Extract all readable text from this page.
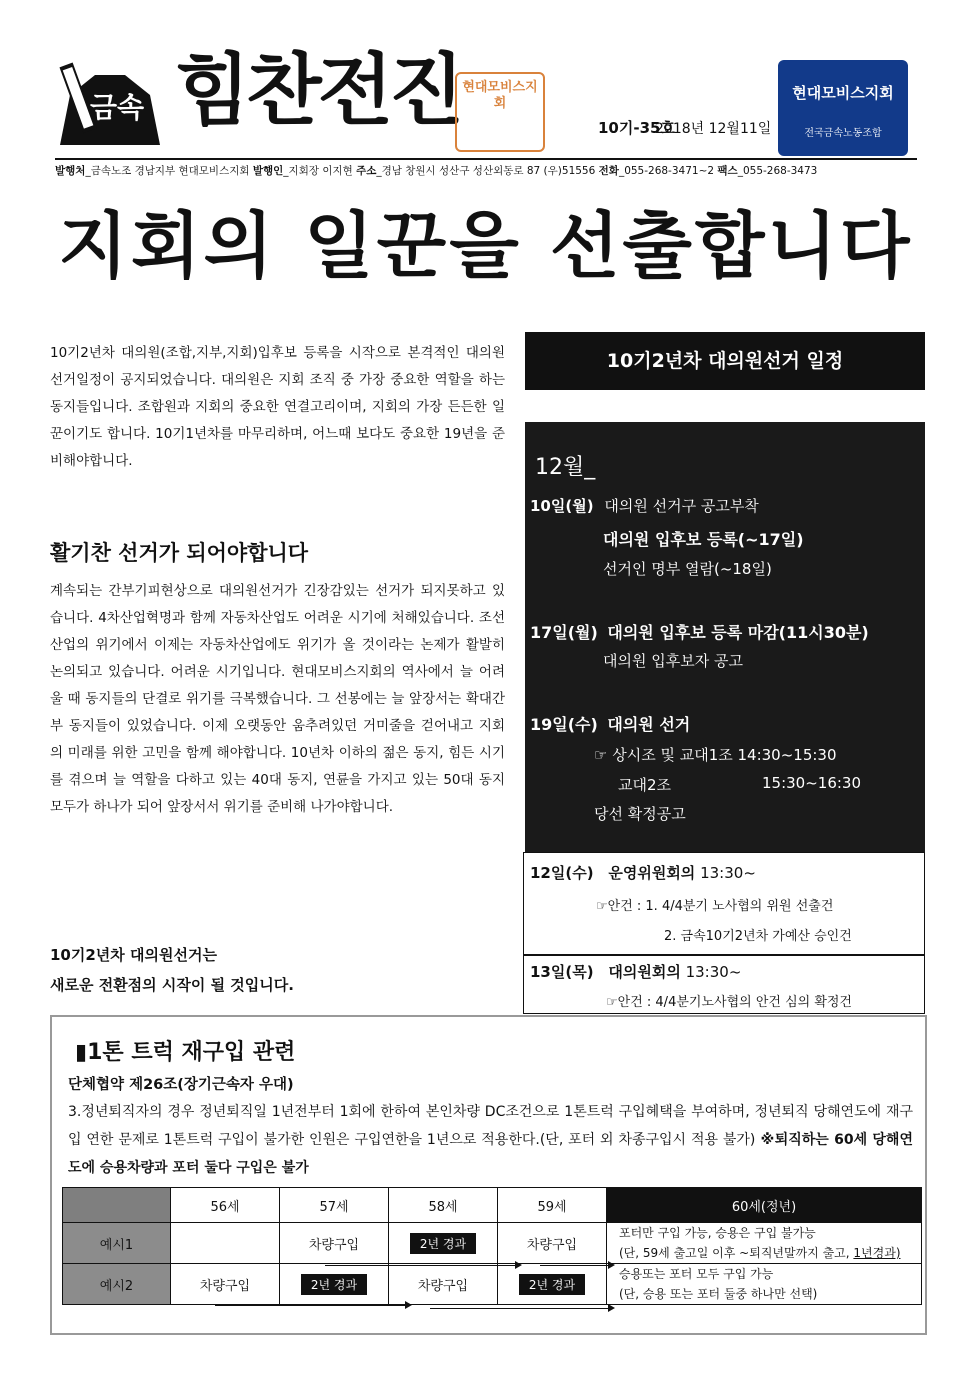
금속 힘찬전진 현대모비스지회
10기-35호
2018년 12월11일
현대모비스지회
전국금속노동조합
발행처_금속노조 경남지부 현대모비스지회 발행인_지회장 이지현 주소_경남 창원시 성산구 성산외동로 87 (우)51556 전화_055-268-3471~2 팩스_055-268-3473
지회의 일꾼을 선출합니다
10기2년차 대의원(조합,지부,지회)입후보 등록을 시작으로 본격적인 대의원선거일정이 공지되었습니다. 대의원은 지회 조직 중 가장 중요한 역할을 하는 동지들입니다. 조합원과 지회의 중요한 연결고리이며, 지회의 가장 든든한 일꾼이기도 합니다. 10기1년차를 마무리하며, 어느때 보다도 중요한 19년을 준비해야합니다.
활기찬 선거가 되어야합니다
계속되는 간부기피현상으로 대의원선거가 긴장감있는 선거가 되지못하고 있습니다. 4차산업혁명과 함께 자동차산업도 어려운 시기에 처해있습니다. 조선산업의 위기에서 이제는 자동차산업에도 위기가 올 것이라는 논제가 활발히 논의되고 있습니다. 어려운 시기입니다. 현대모비스지회의 역사에서 늘 어려울 때 동지들의 단결로 위기를 극복했습니다. 그 선봉에는 늘 앞장서는 확대간부 동지들이 있었습니다. 이제 오랫동안 움추려있던 거미줄을 걷어내고 지회의 미래를 위한 고민을 함께 해야합니다. 10년차 이하의 젊은 동지, 힘든 시기를 겪으며 늘 역할을 다하고 있는 40대 동지, 연륜을 가지고 있는 50대 동지 모두가 하나가 되어 앞장서서 위기를 준비해 나가야합니다.
10기2년차 대의원선거는
새로운 전환점의 시작이 될 것입니다.
10기2년차 대의원선거 일정
12월_
10일(월) 대의원 선거구 공고부착
대의원 입후보 등록(~17일)
선거인 명부 열람(~18일)
17일(월) 대의원 입후보 등록 마감(11시30분)
대의원 입후보자 공고
19일(수) 대의원 선거
☞ 상시조 및 교대1조 14:30~15:30
교대2조	15:30~16:30
당선 확정공고
12일(수) 운영위원회의 13:30~
☞안건 : 1. 4/4분기 노사협의 위원 선출건
2. 금속10기2년차 가예산 승인건
13일(목) 대의원회의 13:30~
☞안건 : 4/4분기노사협의 안건 심의 확정건
▮1톤 트럭 재구입 관련
단체협약 제26조(장기근속자 우대)
3.정년퇴직자의 경우 정년퇴직일 1년전부터 1회에 한하여 본인차량 DC조건으로 1톤트럭 구입혜택을 부여하며, 정년퇴직 당해연도에 재구입 연한 문제로 1톤트럭 구입이 불가한 인원은 구입연한을 1년으로 적용한다.(단, 포터 외 차종구입시 적용 불가) ※퇴직하는 60세 당해연도에 승용차량과 포터 둘다 구입은 불가
	56세	57세	58세	59세	60세(정년)
예시1		차량구입	2년 경과	차량구입	포터만 구입 가능, 승용은 구입 불가능
(단, 59세 출고일 이후 ~퇴직년말까지 출고, 1년경과)

예시2	차량구입	2년 경과	차량구입	2년 경과	승용또는 포터 모두 구입 가능
(단, 승용 또는 포터 둘중 하나만 선택)
